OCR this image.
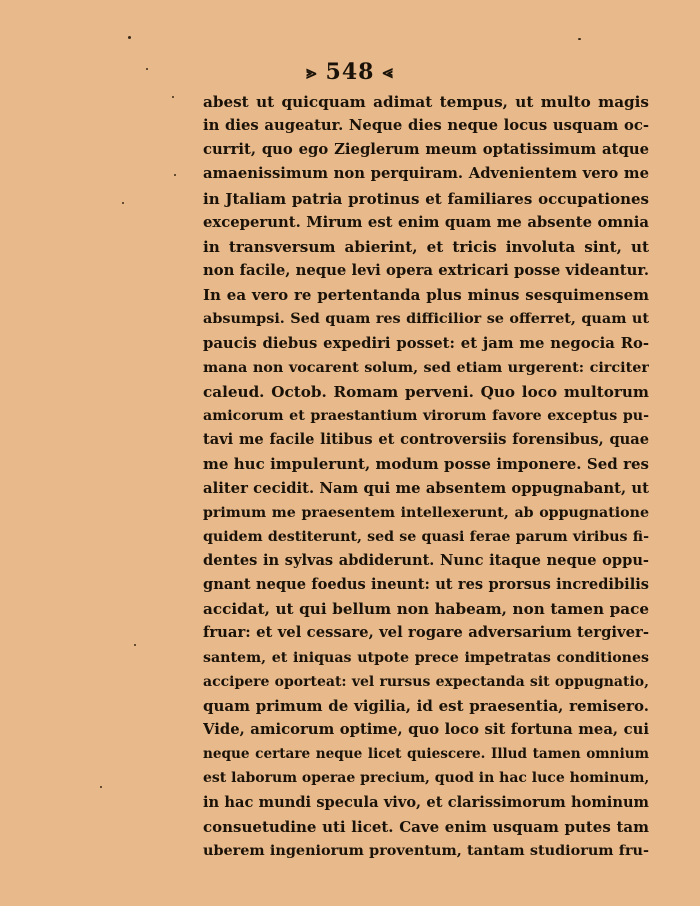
⪢ 548 ⪡
abest ut quicquam adimat tempus, ut multo magis
in dies augeatur. Neque dies neque locus usquam oc-
currit, quo ego Zieglerum meum optatissimum atque
amaenissimum non perquiram. Advenientem vero me
in Jtaliam patria protinus et familiares occupationes
exceperunt. Mirum est enim quam me absente omnia
in transversum abierint, et tricis involuta sint, ut
non facile, neque levi opera extricari posse videantur.
In ea vero re pertentanda plus minus sesquimensem
absumpsi. Sed quam res difficilior se offerret, quam ut
paucis diebus expediri posset: et jam me negocia Ro-
mana non vocarent solum, sed etiam urgerent: circiter
caleud. Octob. Romam perveni. Quo loco multorum
amicorum et praestantium virorum favore exceptus pu-
tavi me facile litibus et controversiis forensibus, quae
me huc impulerunt, modum posse imponere. Sed res
aliter cecidit. Nam qui me absentem oppugnabant, ut
primum me praesentem intellexerunt, ab oppugnatione
quidem destiterunt, sed se quasi ferae parum viribus fi-
dentes in sylvas abdiderunt. Nunc itaque neque oppu-
gnant neque foedus ineunt: ut res prorsus incredibilis
accidat, ut qui bellum non habeam, non tamen pace
fruar: et vel cessare, vel rogare adversarium tergiver-
santem, et iniquas utpote prece impetratas conditiones
accipere oporteat: vel rursus expectanda sit oppugnatio,
quam primum de vigilia, id est praesentia, remisero.
Vide, amicorum optime, quo loco sit fortuna mea, cui
neque certare neque licet quiescere. Illud tamen omnium
est laborum operae precium, quod in hac luce hominum,
in hac mundi specula vivo, et clarissimorum hominum
consuetudine uti licet. Cave enim usquam putes tam
uberem ingeniorum proventum, tantam studiorum fru-
